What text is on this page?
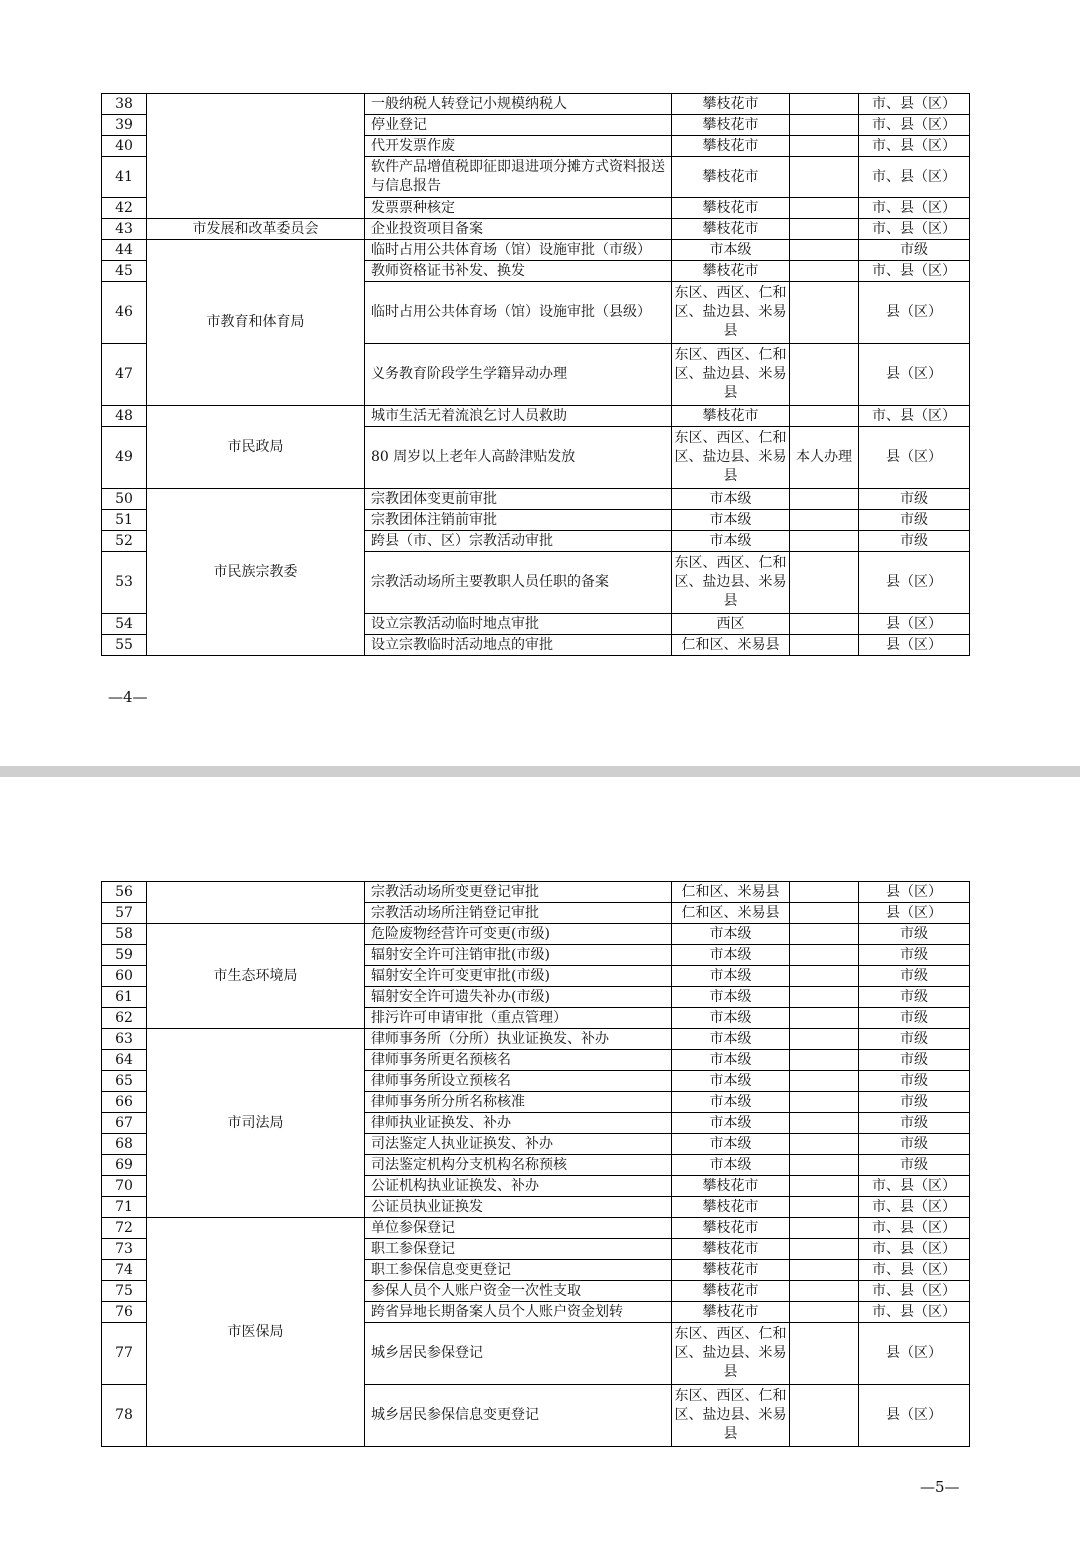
38		一般纳税人转登记小规模纳税人	攀枝花市		市、县（区）
39		停业登记	攀枝花市		市、县（区）
40		代开发票作废	攀枝花市		市、县（区）
41		软件产品增值税即征即退进项分摊方式资料报送与信息报告	攀枝花市		市、县（区）
42		发票票种核定	攀枝花市		市、县（区）
43	市发展和改革委员会	企业投资项目备案	攀枝花市		市、县（区）
44	市教育和体育局	临时占用公共体育场（馆）设施审批（市级）	市本级		市级
45		教师资格证书补发、换发	攀枝花市		市、县（区）
46		临时占用公共体育场（馆）设施审批（县级）	东区、西区、仁和区、盐边县、米易县		县（区）
47		义务教育阶段学生学籍异动办理	东区、西区、仁和区、盐边县、米易县		县（区）
48	市民政局	城市生活无着流浪乞讨人员救助	攀枝花市		市、县（区）
49		80 周岁以上老年人高龄津贴发放	东区、西区、仁和区、盐边县、米易县	本人办理	县（区）
50	市民族宗教委	宗教团体变更前审批	市本级		市级
51		宗教团体注销前审批	市本级		市级
52		跨县（市、区）宗教活动审批	市本级		市级
53		宗教活动场所主要教职人员任职的备案	东区、西区、仁和区、盐边县、米易县		县（区）
54		设立宗教活动临时地点审批	西区		县（区）
55		设立宗教临时活动地点的审批	仁和区、米易县		县（区）
—4—
56		宗教活动场所变更登记审批	仁和区、米易县		县（区）
57		宗教活动场所注销登记审批	仁和区、米易县		县（区）
58	市生态环境局	危险废物经营许可变更(市级)	市本级		市级
59		辐射安全许可注销审批(市级)	市本级		市级
60		辐射安全许可变更审批(市级)	市本级		市级
61		辐射安全许可遗失补办(市级)	市本级		市级
62		排污许可申请审批（重点管理）	市本级		市级
63	市司法局	律师事务所（分所）执业证换发、补办	市本级		市级
64		律师事务所更名预核名	市本级		市级
65		律师事务所设立预核名	市本级		市级
66		律师事务所分所名称核准	市本级		市级
67		律师执业证换发、补办	市本级		市级
68		司法鉴定人执业证换发、补办	市本级		市级
69		司法鉴定机构分支机构名称预核	市本级		市级
70		公证机构执业证换发、补办	攀枝花市		市、县（区）
71		公证员执业证换发	攀枝花市		市、县（区）
72	市医保局	单位参保登记	攀枝花市		市、县（区）
73		职工参保登记	攀枝花市		市、县（区）
74		职工参保信息变更登记	攀枝花市		市、县（区）
75		参保人员个人账户资金一次性支取	攀枝花市		市、县（区）
76		跨省异地长期备案人员个人账户资金划转	攀枝花市		市、县（区）
77		城乡居民参保登记	东区、西区、仁和区、盐边县、米易县		县（区）
78		城乡居民参保信息变更登记	东区、西区、仁和区、盐边县、米易县		县（区）
—5—
